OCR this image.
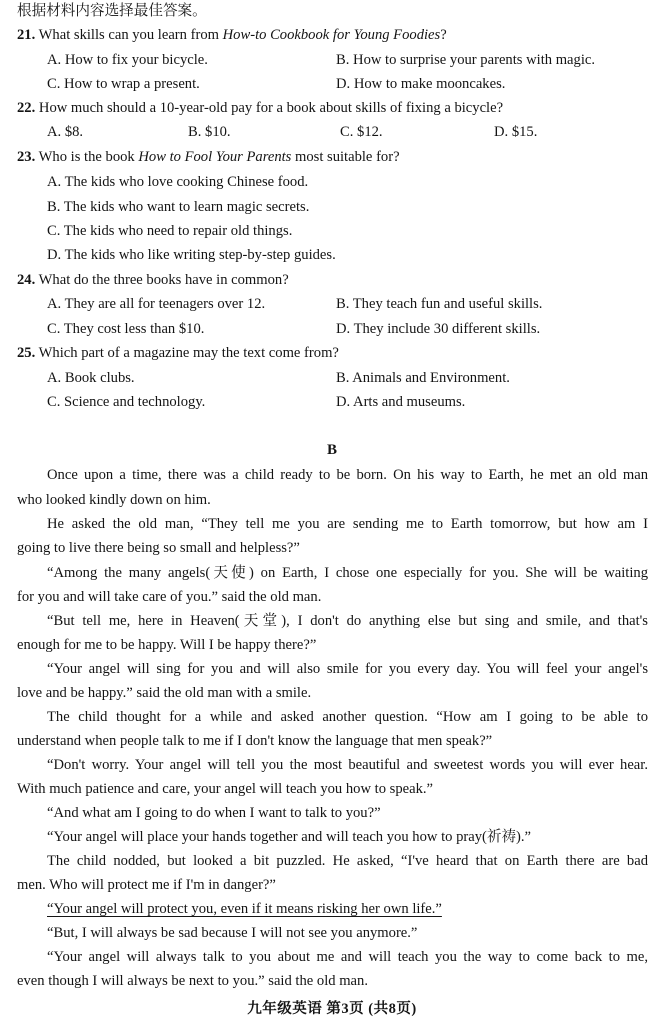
根据材料内容选择最佳答案。
21. What skills can you learn from How-to Cookbook for Young Foodies?
A. How to fix your bicycle.	B. How to surprise your parents with magic.
C. How to wrap a present.	D. How to make mooncakes.
22. How much should a 10-year-old pay for a book about skills of fixing a bicycle?
A. $8.	B. $10.	C. $12.	D. $15.
23. Who is the book How to Fool Your Parents most suitable for?
A. The kids who love cooking Chinese food.
B. The kids who want to learn magic secrets.
C. The kids who need to repair old things.
D. The kids who like writing step-by-step guides.
24. What do the three books have in common?
A. They are all for teenagers over 12.	B. They teach fun and useful skills.
C. They cost less than $10.	D. They include 30 different skills.
25. Which part of a magazine may the text come from?
A. Book clubs.	B. Animals and Environment.
C. Science and technology.	D. Arts and museums.
B
Once upon a time, there was a child ready to be born. On his way to Earth, he met an old man
who looked kindly down on him.
He asked the old man, “They tell me you are sending me to Earth tomorrow, but how am I
going to live there being so small and helpless?”
“Among the many angels(天使) on Earth, I chose one especially for you. She will be waiting
for you and will take care of you.” said the old man.
“But tell me, here in Heaven(天堂), I don't do anything else but sing and smile, and that's
enough for me to be happy. Will I be happy there?”
“Your angel will sing for you and will also smile for you every day. You will feel your angel's
love and be happy.” said the old man with a smile.
The child thought for a while and asked another question. “How am I going to be able to
understand when people talk to me if I don't know the language that men speak?”
“Don't worry. Your angel will tell you the most beautiful and sweetest words you will ever hear.
With much patience and care, your angel will teach you how to speak.”
“And what am I going to do when I want to talk to you?”
“Your angel will place your hands together and will teach you how to pray(祈祷).”
The child nodded, but looked a bit puzzled. He asked, “I've heard that on Earth there are bad
men. Who will protect me if I'm in danger?”
“Your angel will protect you, even if it means risking her own life.”
“But, I will always be sad because I will not see you anymore.”
“Your angel will always talk to you about me and will teach you the way to come back to me,
even though I will always be next to you.” said the old man.
九年级英语 第3页 (共8页)
